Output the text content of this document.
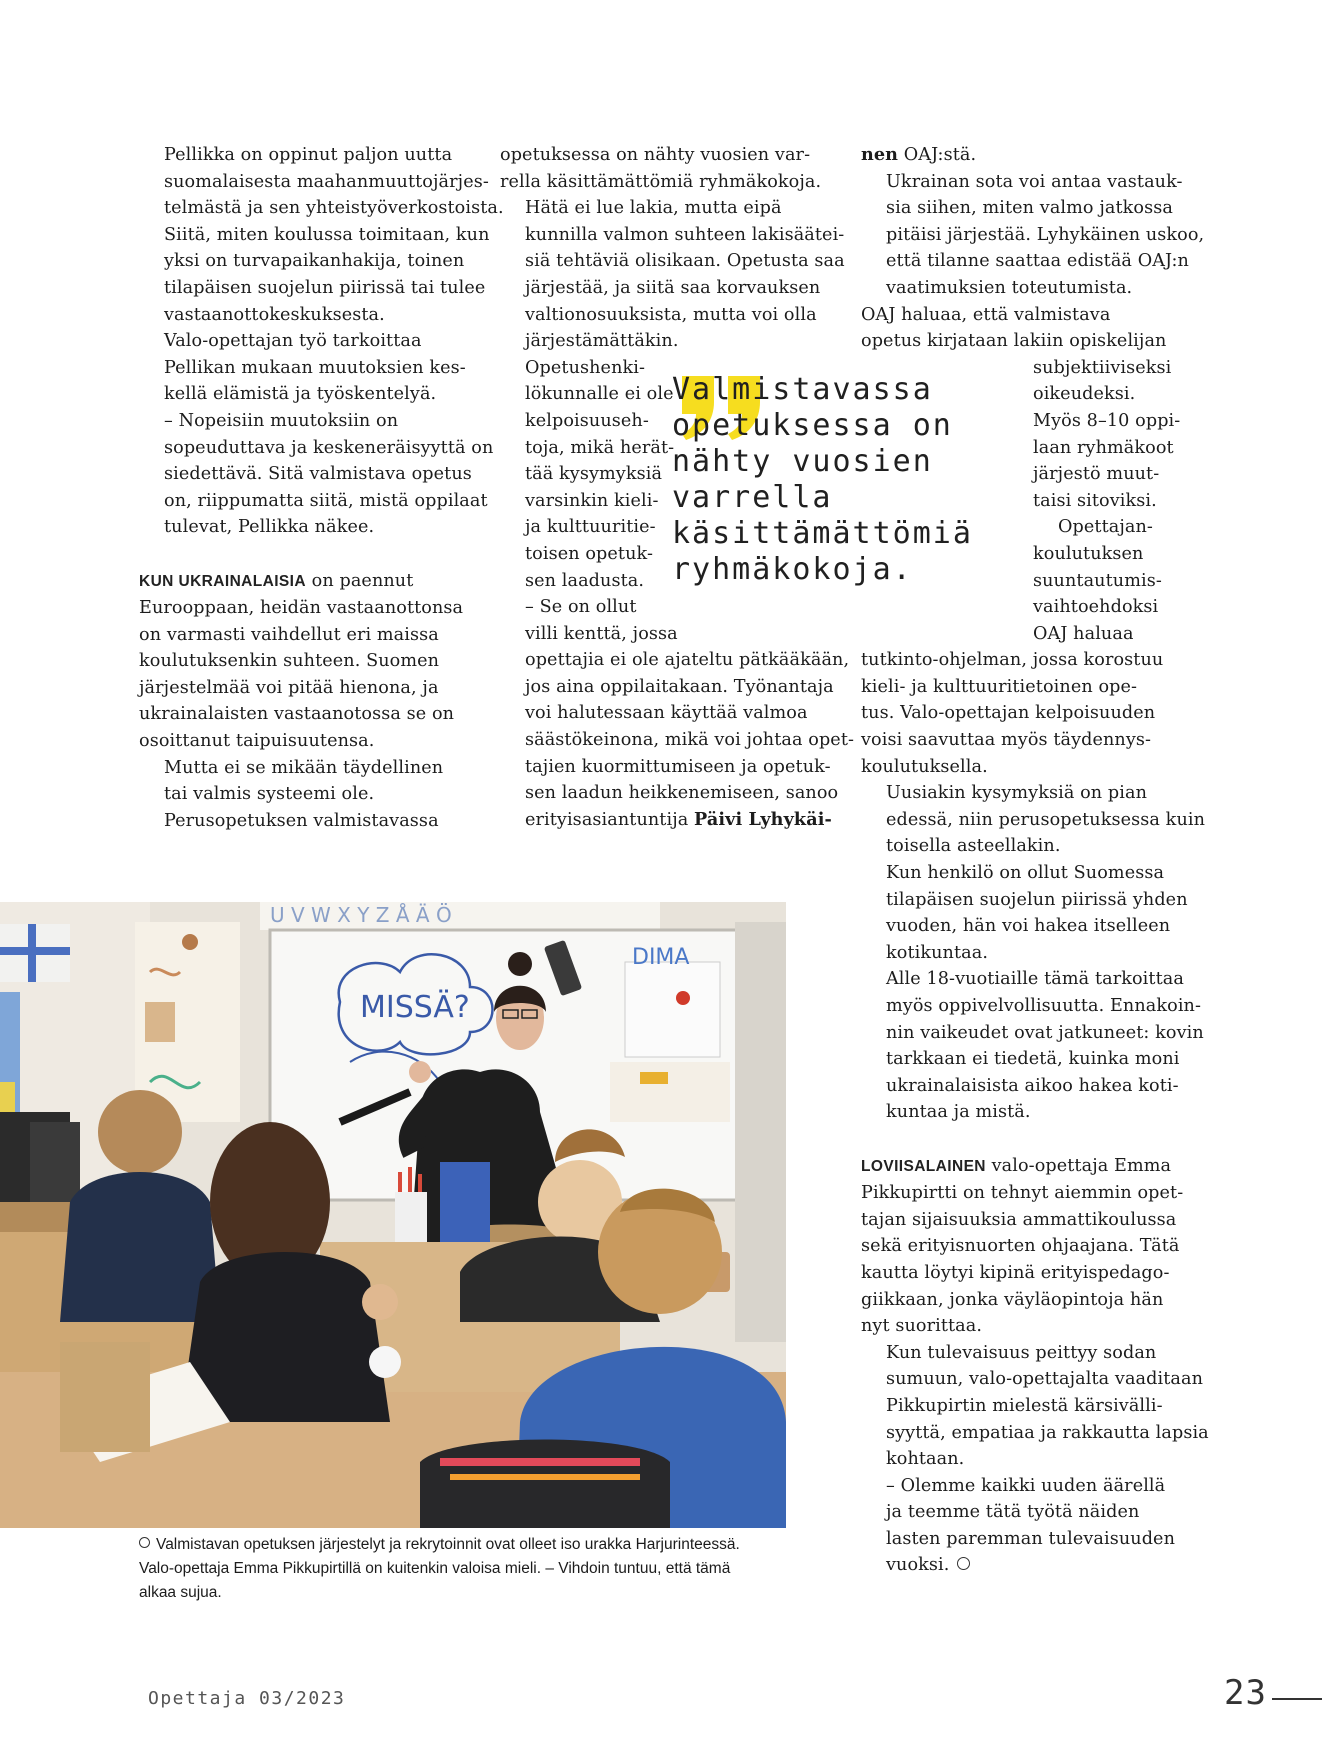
Pellikka on oppinut paljon uutta

suomalaisesta maahanmuuttojärjes-
telmästä ja sen yhteistyöverkostoista.
Siitä, miten koulussa toimitaan, kun
yksi on turvapaikanhakija, toinen
tilapäisen suojelun piirissä tai tulee
vastaanottokeskuksesta.

Valo-opettajan työ tarkoittaa

Pellikan mukaan muutoksien kes-
kellä elämistä ja työskentelyä.

– Nopeisiin muutoksiin on

sopeuduttava ja keskeneräisyyttä on
siedettävä. Sitä valmistava opetus
on, riippumatta siitä, mistä oppilaat
tulevat, Pellikka näkee.

KUN UKRAINALAISIA on paennut
Eurooppaan, heidän vastaanottonsa
on varmasti vaihdellut eri maissa
koulutuksenkin suhteen. Suomen
järjestelmää voi pitää hienona, ja
ukrainalaisten vastaanotossa se on
osoittanut taipuisuutensa.

Mutta ei se mikään täydellinen

tai valmis systeemi ole.

Perusopetuksen valmistavassa

opetuksessa on nähty vuosien var-

rella käsittämättömiä ryhmäkokoja.

Hätä ei lue lakia, mutta eipä

kunnilla valmon suhteen lakisäätei-
siä tehtäviä olisikaan. Opetusta saa
järjestää, ja siitä saa korvauksen
valtionosuuksista, mutta voi olla
järjestämättäkin.

Opetushenki-

lökunnalle ei ole
kelpoisuuseh-
toja, mikä herät-
tää kysymyksiä
varsinkin kieli-
ja kulttuuritie-
toisen opetuk-
sen laadusta.

– Se on ollut

villi kenttä, jossa
opettajia ei ole ajateltu pätkääkään,
jos aina oppilaitakaan. Työnantaja
voi halutessaan käyttää valmoa
säästökeinona, mikä voi johtaa opet-
tajien kuormittumiseen ja opetuk-
sen laadun heikkenemiseen, sanoo
erityisasiantuntija Päivi Lyhykäi-

nen OAJ:stä.

Ukrainan sota voi antaa vastauk-

sia siihen, miten valmo jatkossa
pitäisi järjestää. Lyhykäinen uskoo,
että tilanne saattaa edistää OAJ:n
vaatimuksien toteutumista.

OAJ haluaa, että valmistava
opetus kirjataan lakiin opiskelijan
subjektiiviseksi
oikeudeksi.
Myös 8–10 oppi-
laan ryhmäkoot
järjestö muut-
taisi sitoviksi.

Opettajan-
koulutuksen
suuntautumis-
vaihtoehdoksi
OAJ haluaa
tutkinto-ohjelman, jossa korostuu
kieli- ja kulttuuritietoinen ope-
tus. Valo-opettajan kelpoisuuden
voisi saavuttaa myös täydennys-
koulutuksella.

Uusiakin kysymyksiä on pian

edessä, niin perusopetuksessa kuin
toisella asteellakin.

Kun henkilö on ollut Suomessa

tilapäisen suojelun piirissä yhden
vuoden, hän voi hakea itselleen
kotikuntaa.

Alle 18-vuotiaille tämä tarkoittaa

myös oppivelvollisuutta. Ennakoin-
nin vaikeudet ovat jatkuneet: kovin
tarkkaan ei tiedetä, kuinka moni
ukrainalaisista aikoo hakea koti-
kuntaa ja mistä.

LOVIISALAINEN valo-opettaja Emma
Pikkupirtti on tehnyt aiemmin opet-
tajan sijaisuuksia ammattikoulussa
sekä erityisnuorten ohjaajana. Tätä
kautta löytyi kipinä erityispedago-
giikkaan, jonka väyläopintoja hän
nyt suorittaa.

Kun tulevaisuus peittyy sodan

sumuun, valo-opettajalta vaaditaan
Pikkupirtin mielestä kärsivälli-
syyttä, empatiaa ja rakkautta lapsia
kohtaan.

– Olemme kaikki uuden äärellä

ja teemme tätä työtä näiden
lasten paremman tulevaisuuden
vuoksi.

Valmistavassa
opetuksessa on
nähty vuosien
varrella
käsittämättömiä
ryhmäkokoja.
U V W X Y Z Å Ä Ö
MISSÄ?
DIMA
Valmistavan opetuksen järjestelyt ja rekrytoinnit ovat olleet iso urakka Harjurinteessä.
Valo-opettaja Emma Pikkupirtillä on kuitenkin valoisa mieli. – Vihdoin tuntuu, että tämä
alkaa sujua.
Opettaja 03/2023	23
